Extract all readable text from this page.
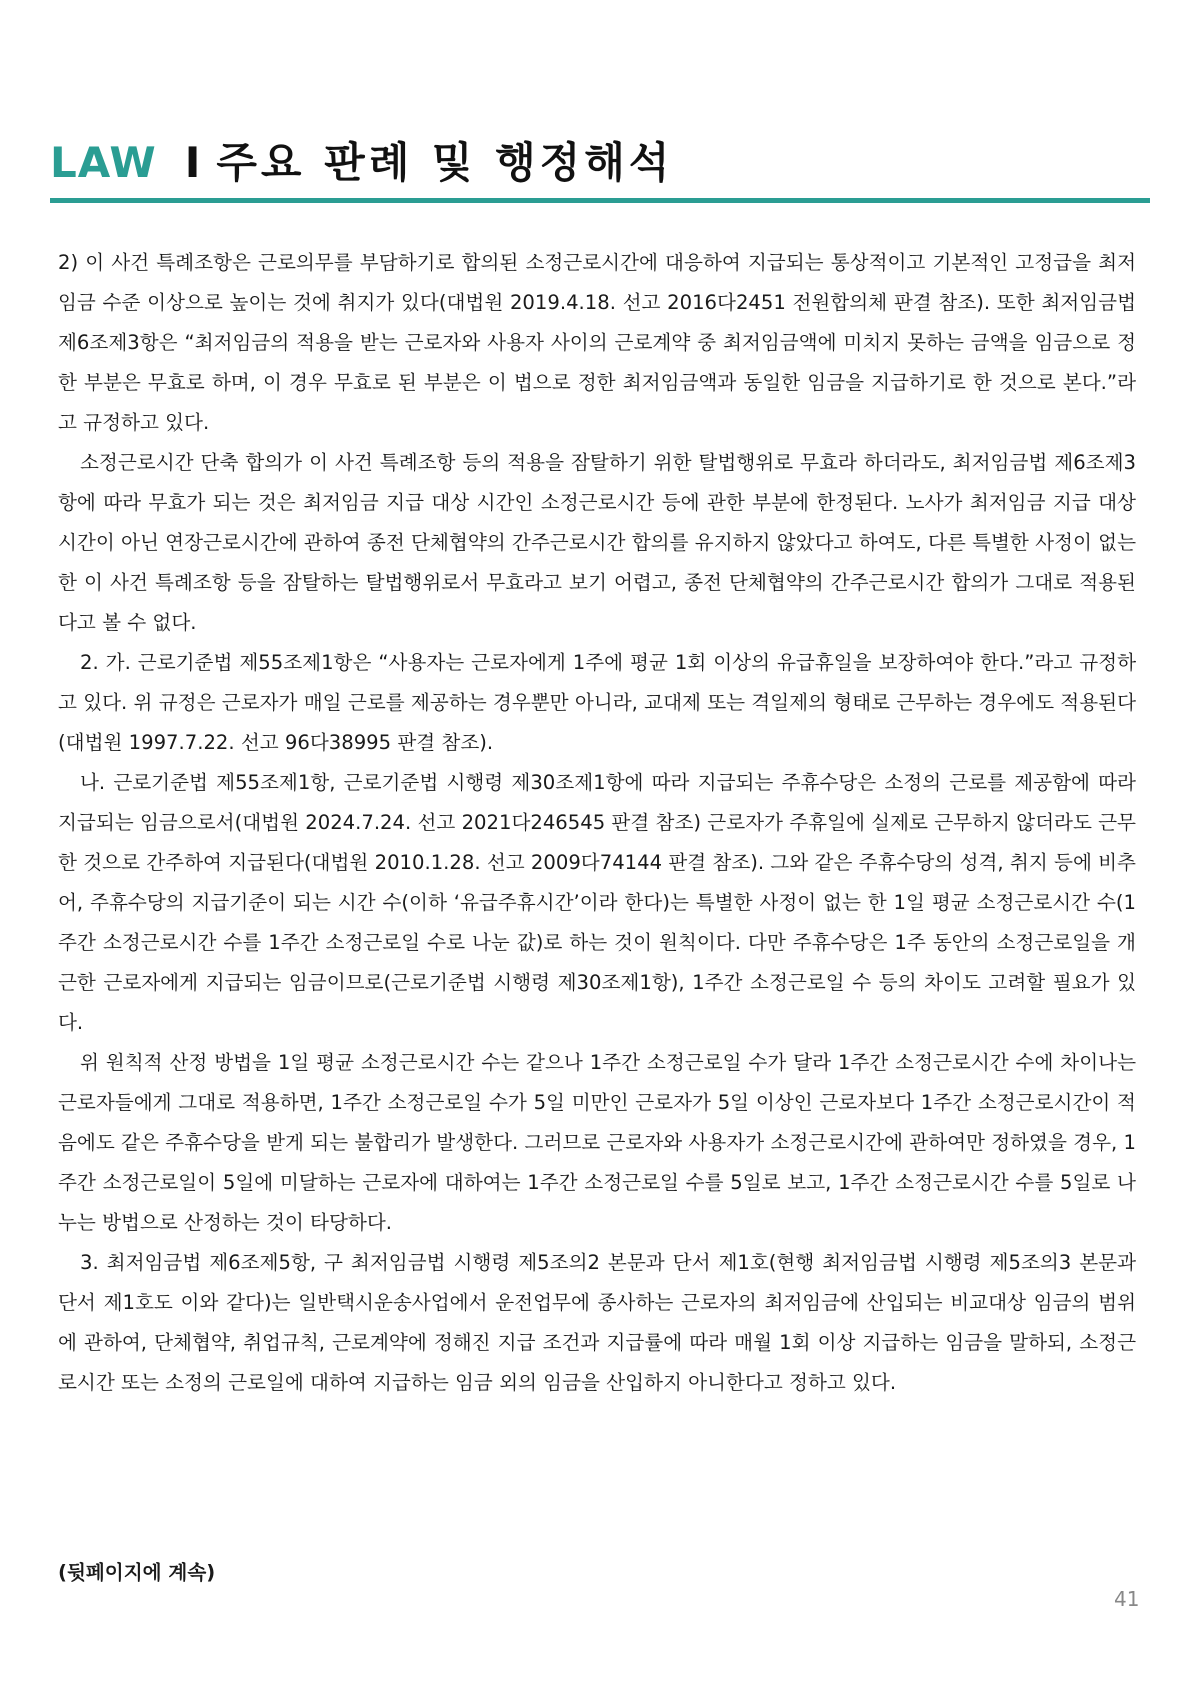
LAW I 주요 판례 및 행정해석

2) 이 사건 특례조항은 근로의무를 부담하기로 합의된 소정근로시간에 대응하여 지급되는 통상적이고 기본적인 고정급을 최저임금 수준 이상으로 높이는 것에 취지가 있다(대법원 2019.4.18. 선고 2016다2451 전원합의체 판결 참조). 또한 최저임금법 제6조제3항은 “최저임금의 적용을 받는 근로자와 사용자 사이의 근로계약 중 최저임금액에 미치지 못하는 금액을 임금으로 정한 부분은 무효로 하며, 이 경우 무효로 된 부분은 이 법으로 정한 최저임금액과 동일한 임금을 지급하기로 한 것으로 본다.”라고 규정하고 있다.

소정근로시간 단축 합의가 이 사건 특례조항 등의 적용을 잠탈하기 위한 탈법행위로 무효라 하더라도, 최저임금법 제6조제3항에 따라 무효가 되는 것은 최저임금 지급 대상 시간인 소정근로시간 등에 관한 부분에 한정된다. 노사가 최저임금 지급 대상 시간이 아닌 연장근로시간에 관하여 종전 단체협약의 간주근로시간 합의를 유지하지 않았다고 하여도, 다른 특별한 사정이 없는 한 이 사건 특례조항 등을 잠탈하는 탈법행위로서 무효라고 보기 어렵고, 종전 단체협약의 간주근로시간 합의가 그대로 적용된다고 볼 수 없다.

2. 가. 근로기준법 제55조제1항은 “사용자는 근로자에게 1주에 평균 1회 이상의 유급휴일을 보장하여야 한다.”라고 규정하고 있다. 위 규정은 근로자가 매일 근로를 제공하는 경우뿐만 아니라, 교대제 또는 격일제의 형태로 근무하는 경우에도 적용된다(대법원 1997.7.22. 선고 96다38995 판결 참조).

나. 근로기준법 제55조제1항, 근로기준법 시행령 제30조제1항에 따라 지급되는 주휴수당은 소정의 근로를 제공함에 따라 지급되는 임금으로서(대법원 2024.7.24. 선고 2021다246545 판결 참조) 근로자가 주휴일에 실제로 근무하지 않더라도 근무한 것으로 간주하여 지급된다(대법원 2010.1.28. 선고 2009다74144 판결 참조). 그와 같은 주휴수당의 성격, 취지 등에 비추어, 주휴수당의 지급기준이 되는 시간 수(이하 ‘유급주휴시간’이라 한다)는 특별한 사정이 없는 한 1일 평균 소정근로시간 수(1주간 소정근로시간 수를 1주간 소정근로일 수로 나눈 값)로 하는 것이 원칙이다. 다만 주휴수당은 1주 동안의 소정근로일을 개근한 근로자에게 지급되는 임금이므로(근로기준법 시행령 제30조제1항), 1주간 소정근로일 수 등의 차이도 고려할 필요가 있다.

위 원칙적 산정 방법을 1일 평균 소정근로시간 수는 같으나 1주간 소정근로일 수가 달라 1주간 소정근로시간 수에 차이나는 근로자들에게 그대로 적용하면, 1주간 소정근로일 수가 5일 미만인 근로자가 5일 이상인 근로자보다 1주간 소정근로시간이 적음에도 같은 주휴수당을 받게 되는 불합리가 발생한다. 그러므로 근로자와 사용자가 소정근로시간에 관하여만 정하였을 경우, 1주간 소정근로일이 5일에 미달하는 근로자에 대하여는 1주간 소정근로일 수를 5일로 보고, 1주간 소정근로시간 수를 5일로 나누는 방법으로 산정하는 것이 타당하다.

3. 최저임금법 제6조제5항, 구 최저임금법 시행령 제5조의2 본문과 단서 제1호(현행 최저임금법 시행령 제5조의3 본문과 단서 제1호도 이와 같다)는 일반택시운송사업에서 운전업무에 종사하는 근로자의 최저임금에 산입되는 비교대상 임금의 범위에 관하여, 단체협약, 취업규칙, 근로계약에 정해진 지급 조건과 지급률에 따라 매월 1회 이상 지급하는 임금을 말하되, 소정근로시간 또는 소정의 근로일에 대하여 지급하는 임금 외의 임금을 산입하지 아니한다고 정하고 있다.

(뒷페이지에 계속)
41
